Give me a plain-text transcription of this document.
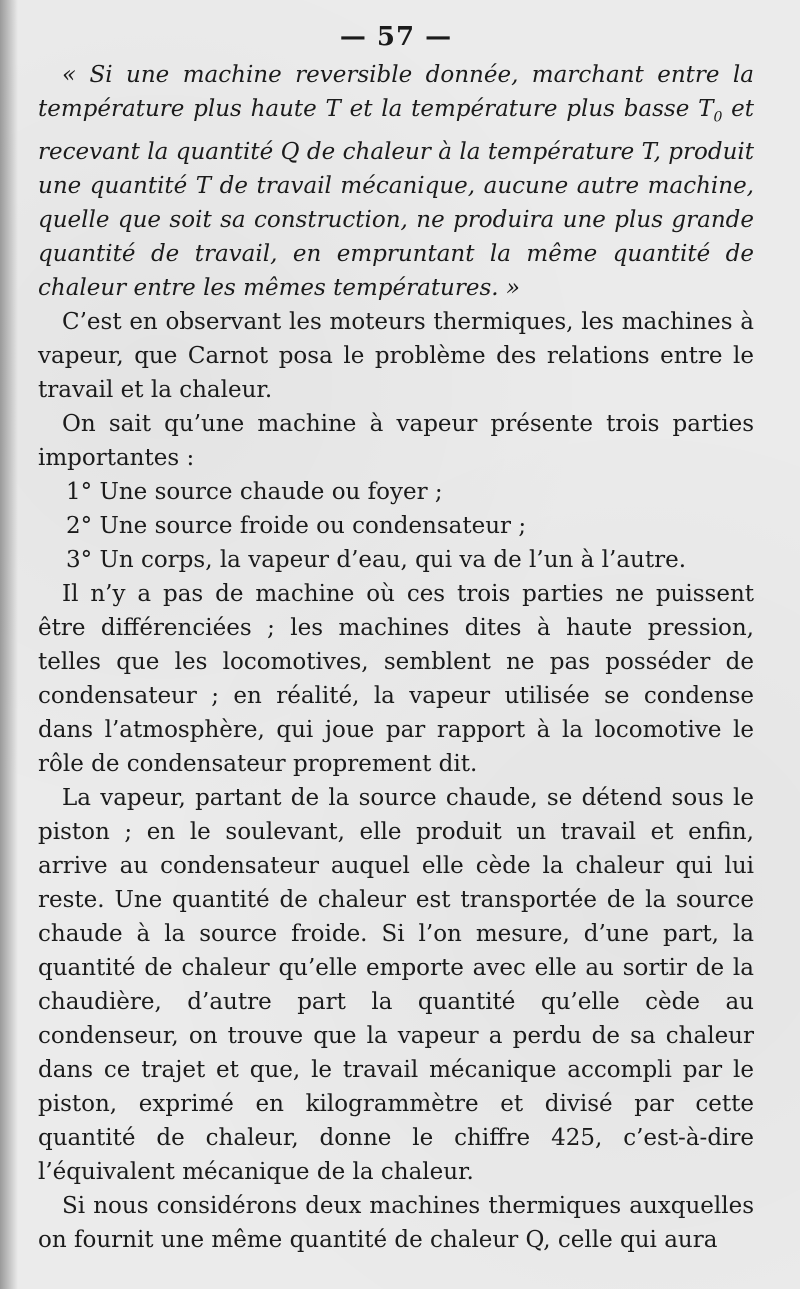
— 57 —

« Si une machine reversible donnée, marchant entre la température plus haute T et la température plus basse $T_0$ et recevant la quantité Q de chaleur à la température T, produit une quantité T de travail mécanique, aucune autre machine, quelle que soit sa construction, ne produira une plus grande quantité de travail, en empruntant la même quantité de chaleur entre les mêmes températures. »

C’est en observant les moteurs thermiques, les machines à vapeur, que Carnot posa le problème des relations entre le travail et la chaleur.

On sait qu’une machine à vapeur présente trois parties importantes :

1° Une source chaude ou foyer ;

2° Une source froide ou condensateur ;

3° Un corps, la vapeur d’eau, qui va de l’un à l’autre.

Il n’y a pas de machine où ces trois parties ne puissent être différenciées ; les machines dites à haute pression, telles que les locomotives, semblent ne pas posséder de condensateur ; en réalité, la vapeur utilisée se condense dans l’atmosphère, qui joue par rapport à la locomotive le rôle de condensateur proprement dit.

La vapeur, partant de la source chaude, se détend sous le piston ; en le soulevant, elle produit un travail et enfin, arrive au condensateur auquel elle cède la chaleur qui lui reste. Une quantité de chaleur est transportée de la source chaude à la source froide. Si l’on mesure, d’une part, la quantité de chaleur qu’elle emporte avec elle au sortir de la chaudière, d’autre part la quantité qu’elle cède au condenseur, on trouve que la vapeur a perdu de sa chaleur dans ce trajet et que, le travail mécanique accompli par le piston, exprimé en kilogrammètre et divisé par cette quantité de chaleur, donne le chiffre 425, c’est-à-dire l’équivalent mécanique de la chaleur.

Si nous considérons deux machines thermiques auxquelles on fournit une même quantité de chaleur Q, celle qui aura
